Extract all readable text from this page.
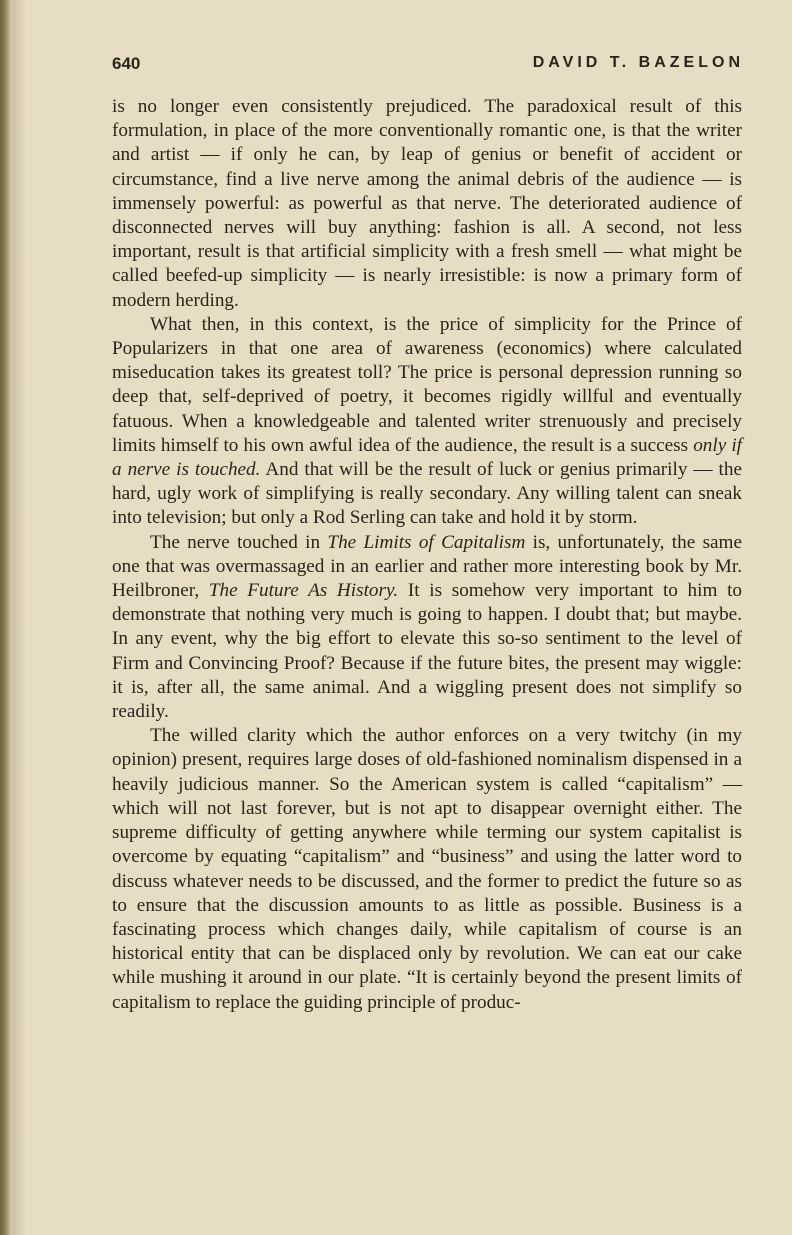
640	DAVID T. BAZELON

is no longer even consistently prejudiced. The paradoxical result of this formulation, in place of the more conventionally romantic one, is that the writer and artist — if only he can, by leap of genius or benefit of accident or circumstance, find a live nerve among the animal debris of the audience — is immensely powerful: as powerful as that nerve. The deteriorated audience of disconnected nerves will buy anything: fashion is all. A second, not less important, result is that artificial simplicity with a fresh smell — what might be called beefed-up simplicity — is nearly irresistible: is now a primary form of modern herding.

What then, in this context, is the price of simplicity for the Prince of Popularizers in that one area of awareness (economics) where calculated miseducation takes its greatest toll? The price is personal depression running so deep that, self-deprived of poetry, it becomes rigidly willful and eventually fatuous. When a knowledgeable and talented writer strenuously and precisely limits himself to his own awful idea of the audience, the result is a success only if a nerve is touched. And that will be the result of luck or genius primarily — the hard, ugly work of simplifying is really secondary. Any willing talent can sneak into television; but only a Rod Serling can take and hold it by storm.

The nerve touched in The Limits of Capitalism is, unfortunately, the same one that was overmassaged in an earlier and rather more interesting book by Mr. Heilbroner, The Future As History. It is somehow very important to him to demonstrate that nothing very much is going to happen. I doubt that; but maybe. In any event, why the big effort to elevate this so-so sentiment to the level of Firm and Convincing Proof? Because if the future bites, the present may wiggle: it is, after all, the same animal. And a wiggling present does not simplify so readily.

The willed clarity which the author enforces on a very twitchy (in my opinion) present, requires large doses of old-fashioned nominalism dispensed in a heavily judicious manner. So the American system is called “capitalism” — which will not last forever, but is not apt to disappear overnight either. The supreme difficulty of getting anywhere while terming our system capitalist is overcome by equating “capitalism” and “business” and using the latter word to discuss whatever needs to be discussed, and the former to predict the future so as to ensure that the discussion amounts to as little as possible. Business is a fascinating process which changes daily, while capitalism of course is an historical entity that can be displaced only by revolution. We can eat our cake while mushing it around in our plate. “It is certainly beyond the present limits of capitalism to replace the guiding principle of produc-
